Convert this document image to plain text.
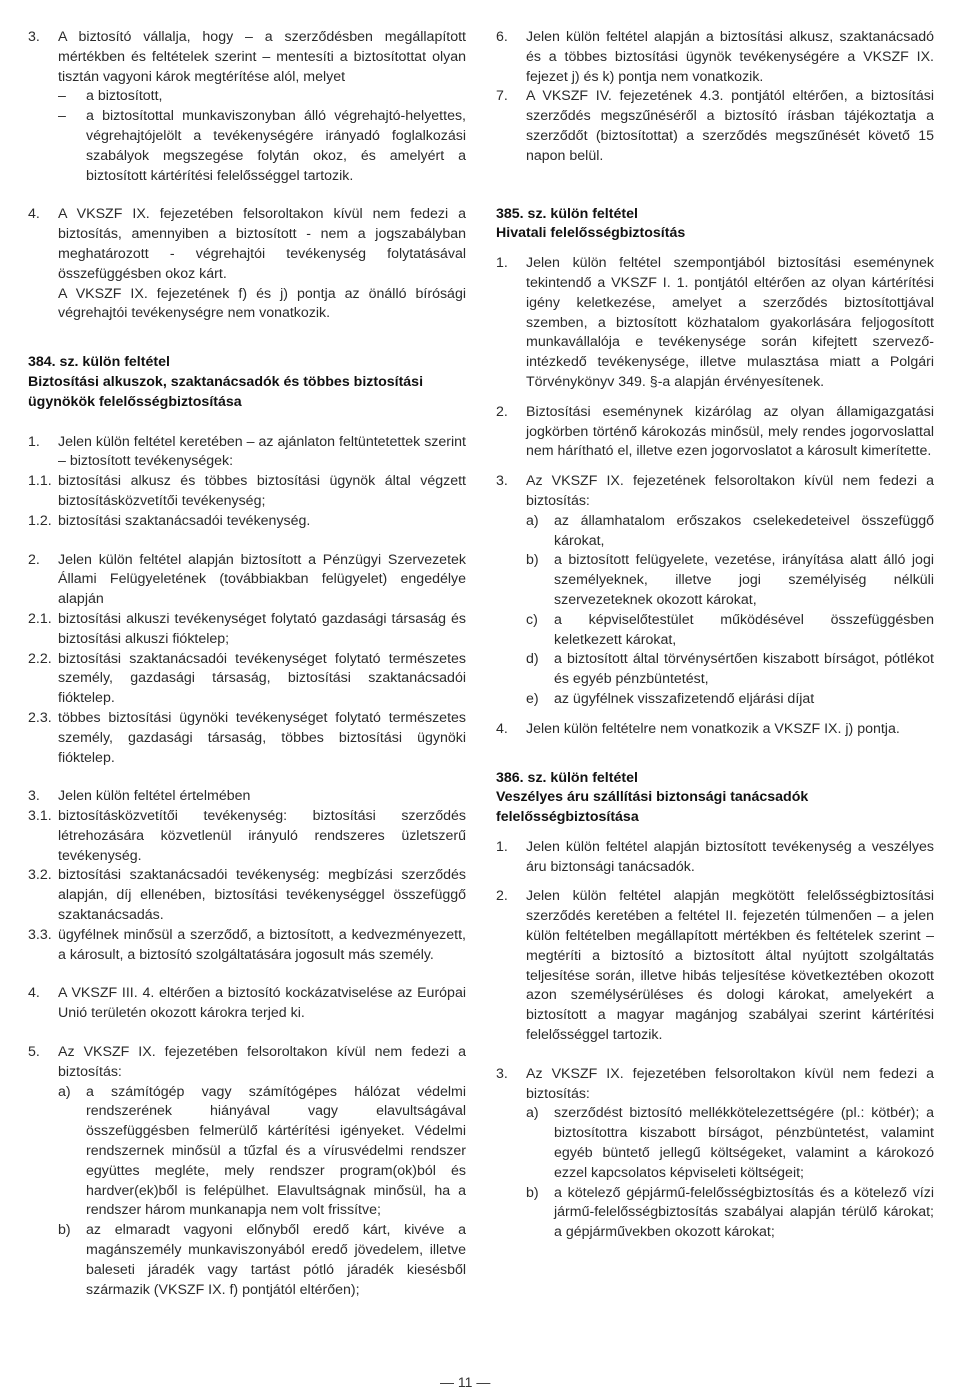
3. A biztosító vállalja, hogy – a szerződésben megállapított mértékben és feltételek szerint – mentesíti a biztosítottat olyan tisztán vagyoni károk megtérítése alól, melyet
– a biztosított,
– a biztosítottal munkaviszonyban álló végrehajtó-helyettes, végrehajtójelölt a tevékenységére irányadó foglalkozási szabályok megszegése folytán okoz, és amelyért a biztosított kártérítési felelősséggel tartozik.
4. A VKSZF IX. fejezetében felsoroltakon kívül nem fedezi a biztosítás, amennyiben a biztosított - nem a jogszabályban meghatározott - végrehajtói tevékenység folytatásával összefüggésben okoz kárt.
A VKSZF IX. fejezetének f) és j) pontja az önálló bírósági végrehajtói tevékenységre nem vonatkozik.

384. sz. külön feltétel

Biztosítási alkuszok, szaktanácsadók és többes biztosítási ügynökök felelősségbiztosítása

1. Jelen külön feltétel keretében – az ajánlaton feltüntetettek szerint – biztosított tevékenységek:
1.1. biztosítási alkusz és többes biztosítási ügynök által végzett biztosításközvetítői tevékenység;
1.2. biztosítási szaktanácsadói tevékenység.
2. Jelen külön feltétel alapján biztosított a Pénzügyi Szervezetek Állami Felügyeletének (továbbiakban felügyelet) engedélye alapján
2.1. biztosítási alkuszi tevékenységet folytató gazdasági társaság és biztosítási alkuszi fióktelep;
2.2. biztosítási szaktanácsadói tevékenységet folytató természetes személy, gazdasági társaság, biztosítási szaktanácsadói fióktelep.
2.3. többes biztosítási ügynöki tevékenységet folytató természetes személy, gazdasági társaság, többes biztosítási ügynöki fióktelep.
3. Jelen külön feltétel értelmében
3.1. biztosításközvetítői tevékenység: biztosítási szerződés létrehozására közvetlenül irányuló rendszeres üzletszerű tevékenység.
3.2. biztosítási szaktanácsadói tevékenység: megbízási szerződés alapján, díj ellenében, biztosítási tevékenységgel összefüggő szaktanácsadás.
3.3. ügyfélnek minősül a szerződő, a biztosított, a kedvezményezett, a károsult, a biztosító szolgáltatására jogosult más személy.
4. A VKSZF III. 4. eltérően a biztosító kockázatviselése az Európai Unió területén okozott károkra terjed ki.
5. Az VKSZF IX. fejezetében felsoroltakon kívül nem fedezi a biztosítás:
a) a számítógép vagy számítógépes hálózat védelmi rendszerének hiányával vagy elavultságával összefüggésben felmerülő kártérítési igényeket. Védelmi rendszernek minősül a tűzfal és a vírusvédelmi rendszer együttes megléte, mely rendszer program(ok)ból és hardver(ek)ből is felépülhet. Elavultságnak minősül, ha a rendszer három munkanapja nem volt frissítve;
b) az elmaradt vagyoni előnyből eredő kárt, kivéve a magánszemély munkaviszonyából eredő jövedelem, illetve baleseti járadék vagy tartást pótló járadék kiesésből származik (VKSZF IX. f) pontjától eltérően);
6. Jelen külön feltétel alapján a biztosítási alkusz, szaktanácsadó és a többes biztosítási ügynök tevékenységére a VKSZF IX. fejezet j) és k) pontja nem vonatkozik.
7. A VKSZF IV. fejezetének 4.3. pontjától eltérően, a biztosítási szerződés megszűnéséről a biztosító írásban tájékoztatja a szerződőt (biztosítottat) a szerződés megszűnését követő 15 napon belül.

385. sz. külön feltétel

Hivatali felelősségbiztosítás

1. Jelen külön feltétel szempontjából biztosítási eseménynek tekintendő a VKSZF I. 1. pontjától eltérően az olyan kártérítési igény keletkezése, amelyet a szerződés biztosítottjával szemben, a biztosított közhatalom gyakorlására feljogosított munkavállalója e tevékenysége során kifejtett szervező-intézkedő tevékenysége, illetve mulasztása miatt a Polgári Törvénykönyv 349. §-a alapján érvényesítenek.
2. Biztosítási eseménynek kizárólag az olyan államigazgatási jogkörben történő károkozás minősül, mely rendes jogorvoslattal nem hárítható el, illetve ezen jogorvoslatot a károsult kimerítette.
3. Az VKSZF IX. fejezetének felsoroltakon kívül nem fedezi a biztosítás:
a) az államhatalom erőszakos cselekedeteivel összefüggő károkat,
b) a biztosított felügyelete, vezetése, irányítása alatt álló jogi személyeknek, illetve jogi személyiség nélküli szervezeteknek okozott károkat,
c) a képviselőtestület működésével összefüggésben keletkezett károkat,
d) a biztosított által törvénysértően kiszabott bírságot, pótlékot és egyéb pénzbüntetést,
e) az ügyfélnek visszafizetendő eljárási díjat
4. Jelen külön feltételre nem vonatkozik a VKSZF IX. j) pontja.

386. sz. külön feltétel

Veszélyes áru szállítási biztonsági tanácsadók felelősségbiztosítása

1. Jelen külön feltétel alapján biztosított tevékenység a veszélyes áru biztonsági tanácsadók.
2. Jelen külön feltétel alapján megkötött felelősségbiztosítási szerződés keretében a feltétel II. fejezetén túlmenően – a jelen külön feltételben megállapított mértékben és feltételek szerint – megtéríti a biztosító a biztosított által nyújtott szolgáltatás teljesítése során, illetve hibás teljesítése következtében okozott azon személysérüléses és dologi károkat, amelyekért a biztosított a magyar magánjog szabályai szerint kártérítési felelősséggel tartozik.
3. Az VKSZF IX. fejezetében felsoroltakon kívül nem fedezi a biztosítás:
a) szerződést biztosító mellékkötelezettségére (pl.: kötbér); a biztosítottra kiszabott bírságot, pénzbüntetést, valamint egyéb büntető jellegű költségeket, valamint a károkozó ezzel kapcsolatos képviseleti költségeit;
b) a kötelező gépjármű-felelősségbiztosítás és a kötelező vízi jármű-felelősségbiztosítás szabályai alapján térülő károkat; a gépjárművekben okozott károkat;
— 11 —
